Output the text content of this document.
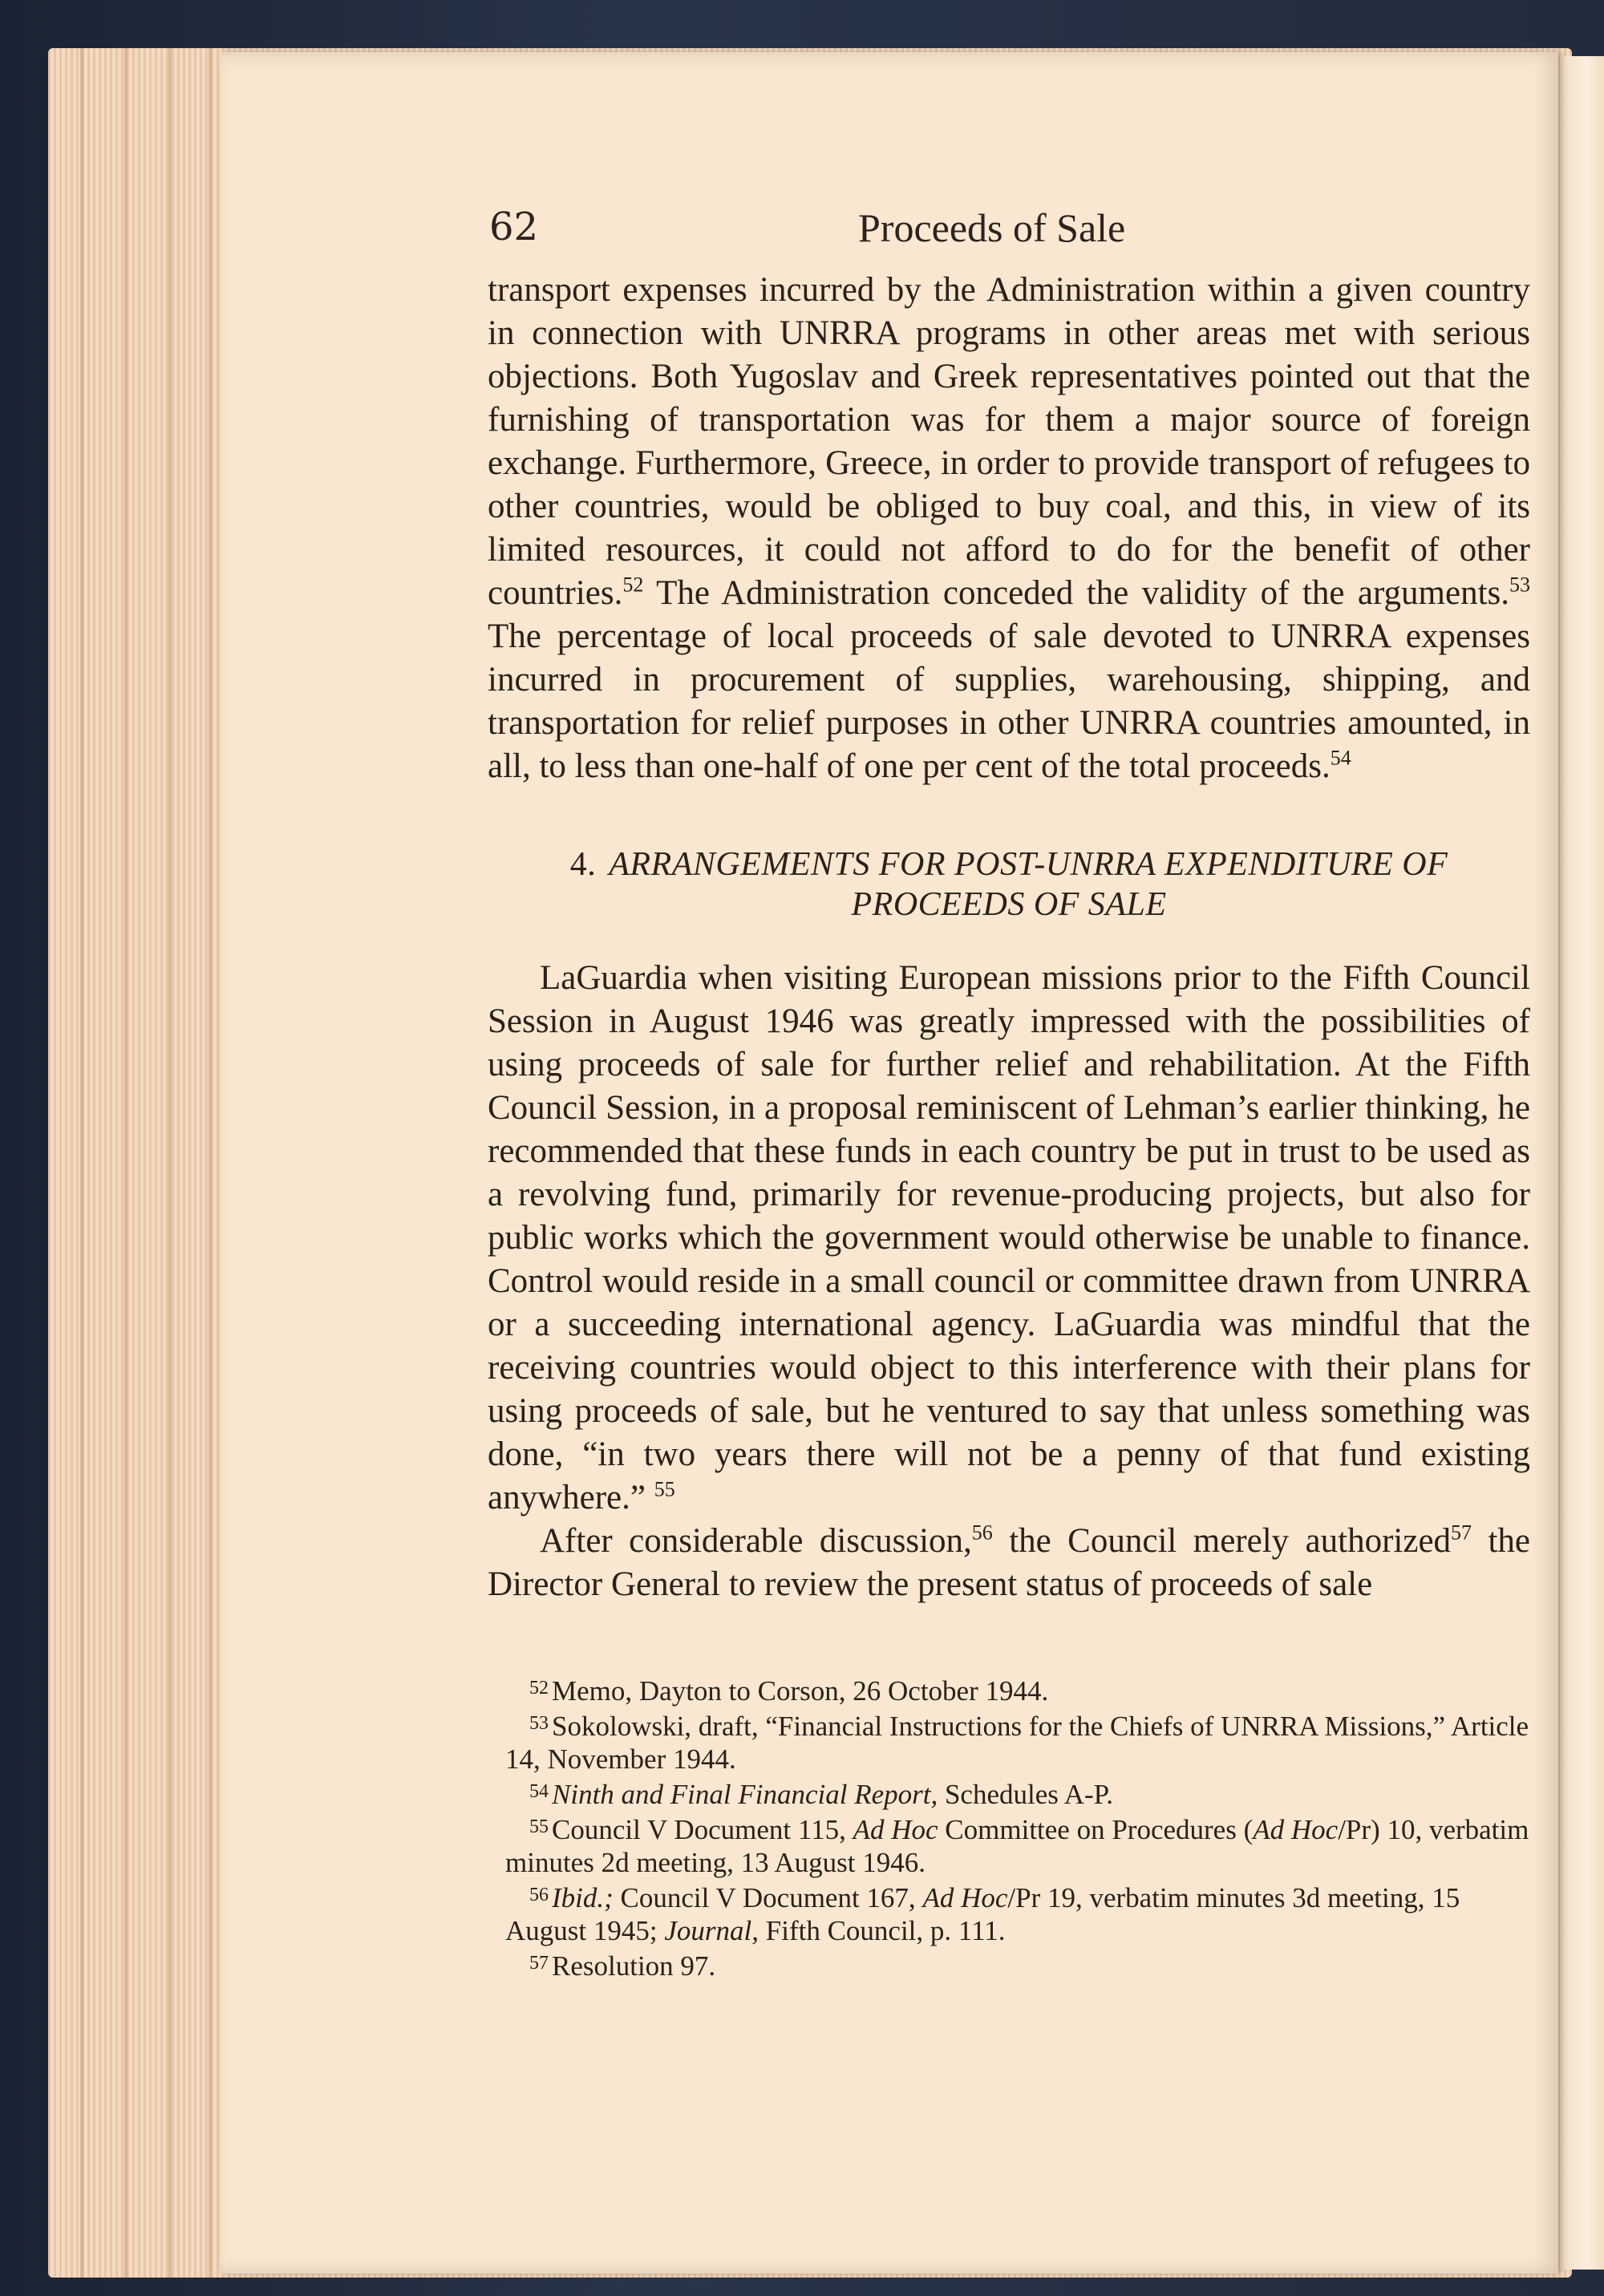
62	Proceeds of Sale

transport expenses incurred by the Administration within a given country in connection with UNRRA programs in other areas met with serious objections. Both Yugoslav and Greek representatives pointed out that the furnishing of transportation was for them a major source of foreign exchange. Furthermore, Greece, in order to provide transport of refugees to other countries, would be obliged to buy coal, and this, in view of its limited resources, it could not afford to do for the benefit of other countries.$^{52}$ The Administration conceded the validity of the arguments.$^{53}$ The percentage of local proceeds of sale devoted to UNRRA expenses incurred in procurement of supplies, warehousing, shipping, and transportation for relief purposes in other UNRRA countries amounted, in all, to less than one-half of one per cent of the total proceeds.$^{54}$

4. ARRANGEMENTS FOR POST-UNRRA EXPENDITURE OF PROCEEDS OF SALE

LaGuardia when visiting European missions prior to the Fifth Council Session in August 1946 was greatly impressed with the possibilities of using proceeds of sale for further relief and rehabilitation. At the Fifth Council Session, in a proposal reminiscent of Lehman’s earlier thinking, he recommended that these funds in each country be put in trust to be used as a revolving fund, primarily for revenue-producing projects, but also for public works which the government would otherwise be unable to finance. Control would reside in a small council or committee drawn from UNRRA or a succeeding international agency. LaGuardia was mindful that the receiving countries would object to this interference with their plans for using proceeds of sale, but he ventured to say that unless something was done, “in two years there will not be a penny of that fund existing anywhere.” $^{55}$

After considerable discussion,$^{56}$ the Council merely authorized$^{57}$ the Director General to review the present status of proceeds of sale

$^{52}$ Memo, Dayton to Corson, 26 October 1944.

$^{53}$ Sokolowski, draft, “Financial Instructions for the Chiefs of UNRRA Missions,” Article 14, November 1944.

$^{54}$ Ninth and Final Financial Report, Schedules A-P.

$^{55}$ Council V Document 115, Ad Hoc Committee on Procedures (Ad Hoc/Pr) 10, verbatim minutes 2d meeting, 13 August 1946.

$^{56}$ Ibid.; Council V Document 167, Ad Hoc/Pr 19, verbatim minutes 3d meeting, 15 August 1945; Journal, Fifth Council, p. 111.

$^{57}$ Resolution 97.
